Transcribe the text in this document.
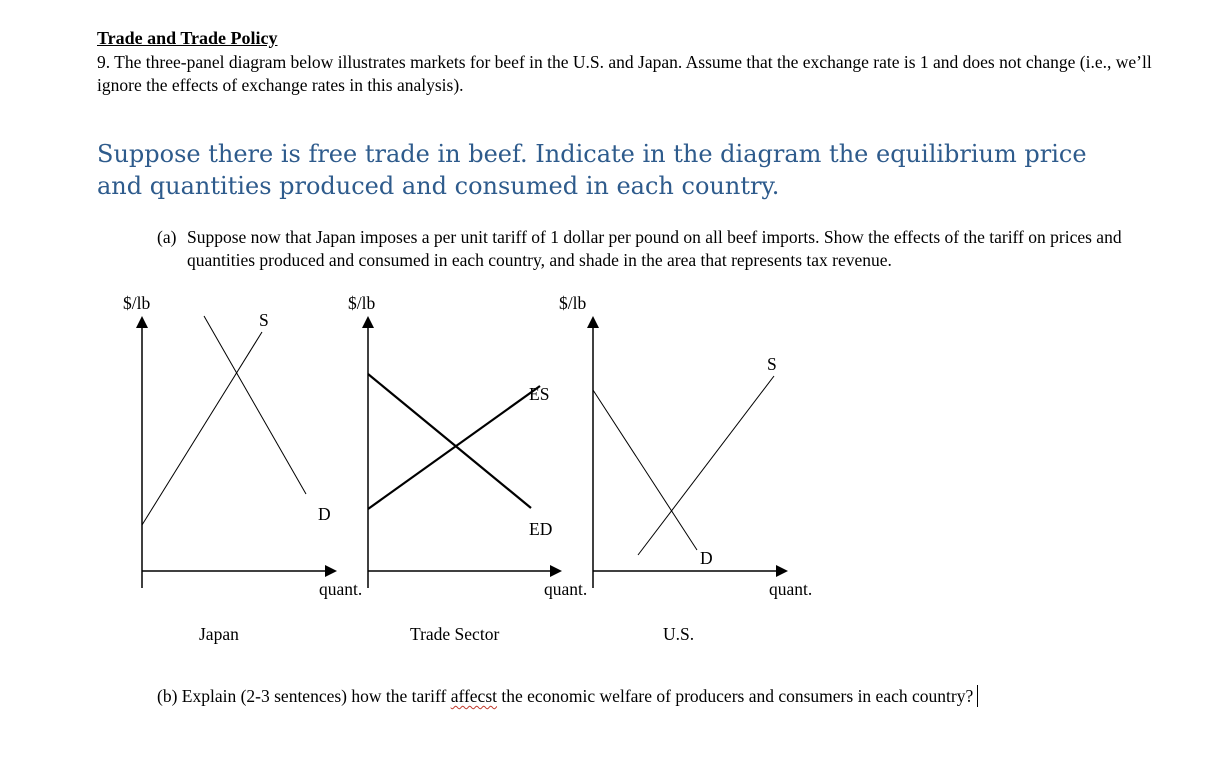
Trade and Trade Policy
9. The three-panel diagram below illustrates markets for beef in the U.S. and Japan. Assume that the exchange rate is 1 and does not change (i.e., we’ll ignore the effects of exchange rates in this analysis).
Suppose there is free trade in beef. Indicate in the diagram the equilibrium price and quantities produced and consumed in each country.
(a) Suppose now that Japan imposes a per unit tariff of 1 dollar per pound on all beef imports. Show the effects of the tariff on prices and quantities produced and consumed in each country, and shade in the area that represents tax revenue.
$/lb
S
D
quant.
Japan
$/lb
ES
ED
quant.
Trade Sector
$/lb
S
D
quant.
U.S.
(b) Explain (2-3 sentences) how the tariff affecst the economic welfare of producers and consumers in each country?
